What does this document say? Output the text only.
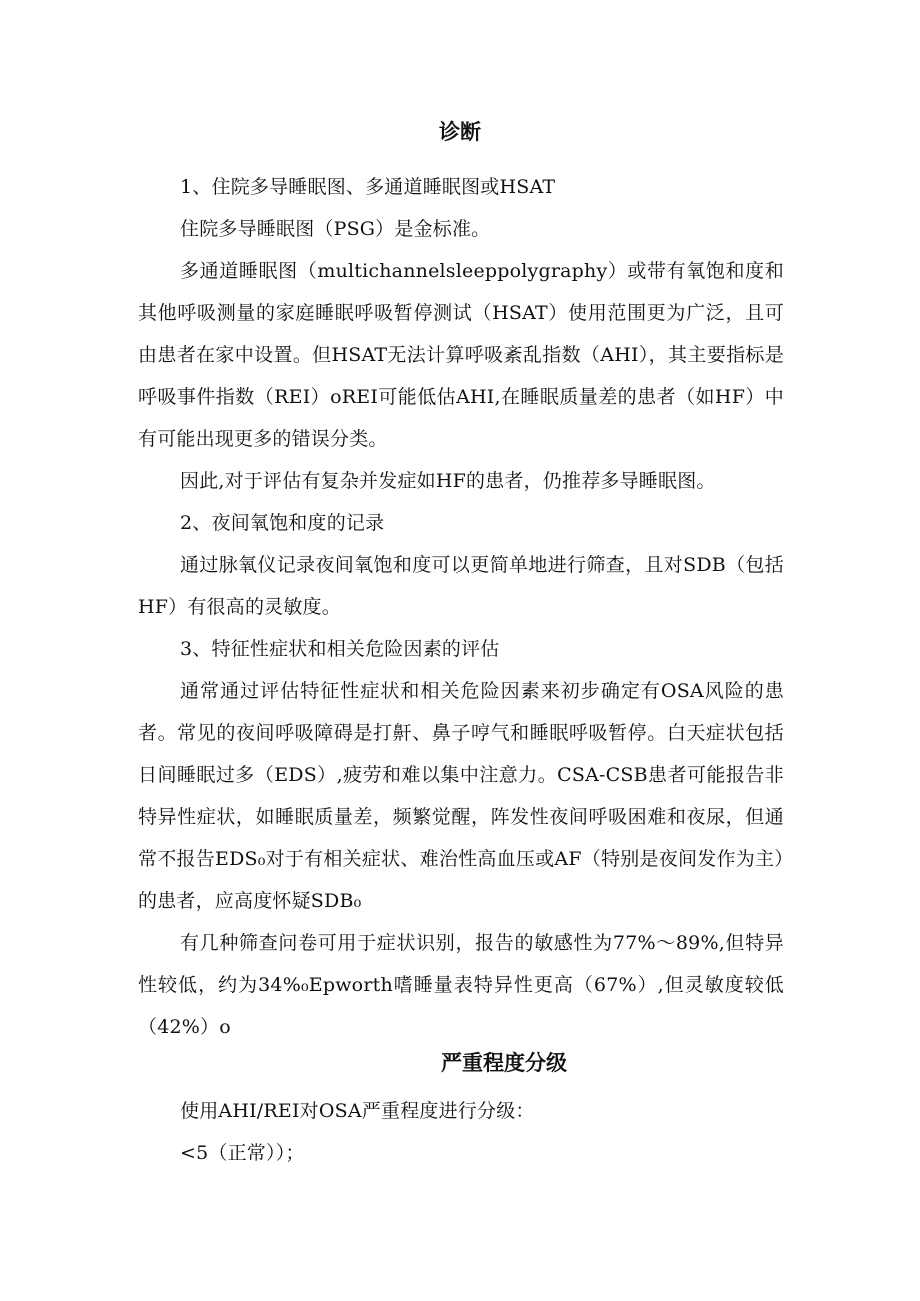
诊断

1、住院多导睡眠图、多通道睡眠图或HSAT

住院多导睡眠图（PSG）是金标准。

多通道睡眠图（multichannelsleeppolygraphy）或带有氧饱和度和其他呼吸测量的家庭睡眠呼吸暂停测试（HSAT）使用范围更为广泛，且可由患者在家中设置。但HSAT无法计算呼吸紊乱指数（AHI），其主要指标是呼吸事件指数（REI）oREI可能低估AHI,在睡眠质量差的患者（如HF）中有可能出现更多的错误分类。

因此,对于评估有复杂并发症如HF的患者，仍推荐多导睡眠图。

2、夜间氧饱和度的记录

通过脉氧仪记录夜间氧饱和度可以更简单地进行筛查，且对SDB（包括HF）有很高的灵敏度。

3、特征性症状和相关危险因素的评估

通常通过评估特征性症状和相关危险因素来初步确定有OSA风险的患者。常见的夜间呼吸障碍是打鼾、鼻子哼气和睡眠呼吸暂停。白天症状包括日间睡眠过多（EDS）,疲劳和难以集中注意力。CSA-CSB患者可能报告非特异性症状，如睡眠质量差，频繁觉醒，阵发性夜间呼吸困难和夜尿，但通常不报告EDS₀对于有相关症状、难治性高血压或AF（特别是夜间发作为主）的患者，应高度怀疑SDB₀

有几种筛查问卷可用于症状识别，报告的敏感性为77%～89%,但特异性较低，约为34%₀Epworth嗜睡量表特异性更高（67%）,但灵敏度较低（42%）o

严重程度分级

使用AHI/REI对OSA严重程度进行分级：

<5（正常））；
